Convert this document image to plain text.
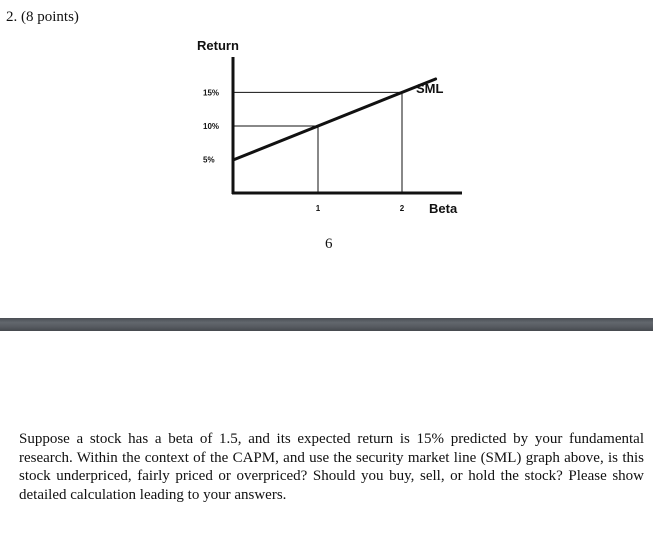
2. (8 points)
Return
5%
10%
15%
1	2
SML
Beta
6
Suppose a stock has a beta of 1.5, and its expected return is 15% predicted by your fundamental research. Within the context of the CAPM, and use the security market line (SML) graph above, is this stock underpriced, fairly priced or overpriced? Should you buy, sell, or hold the stock? Please show detailed calculation leading to your answers.
